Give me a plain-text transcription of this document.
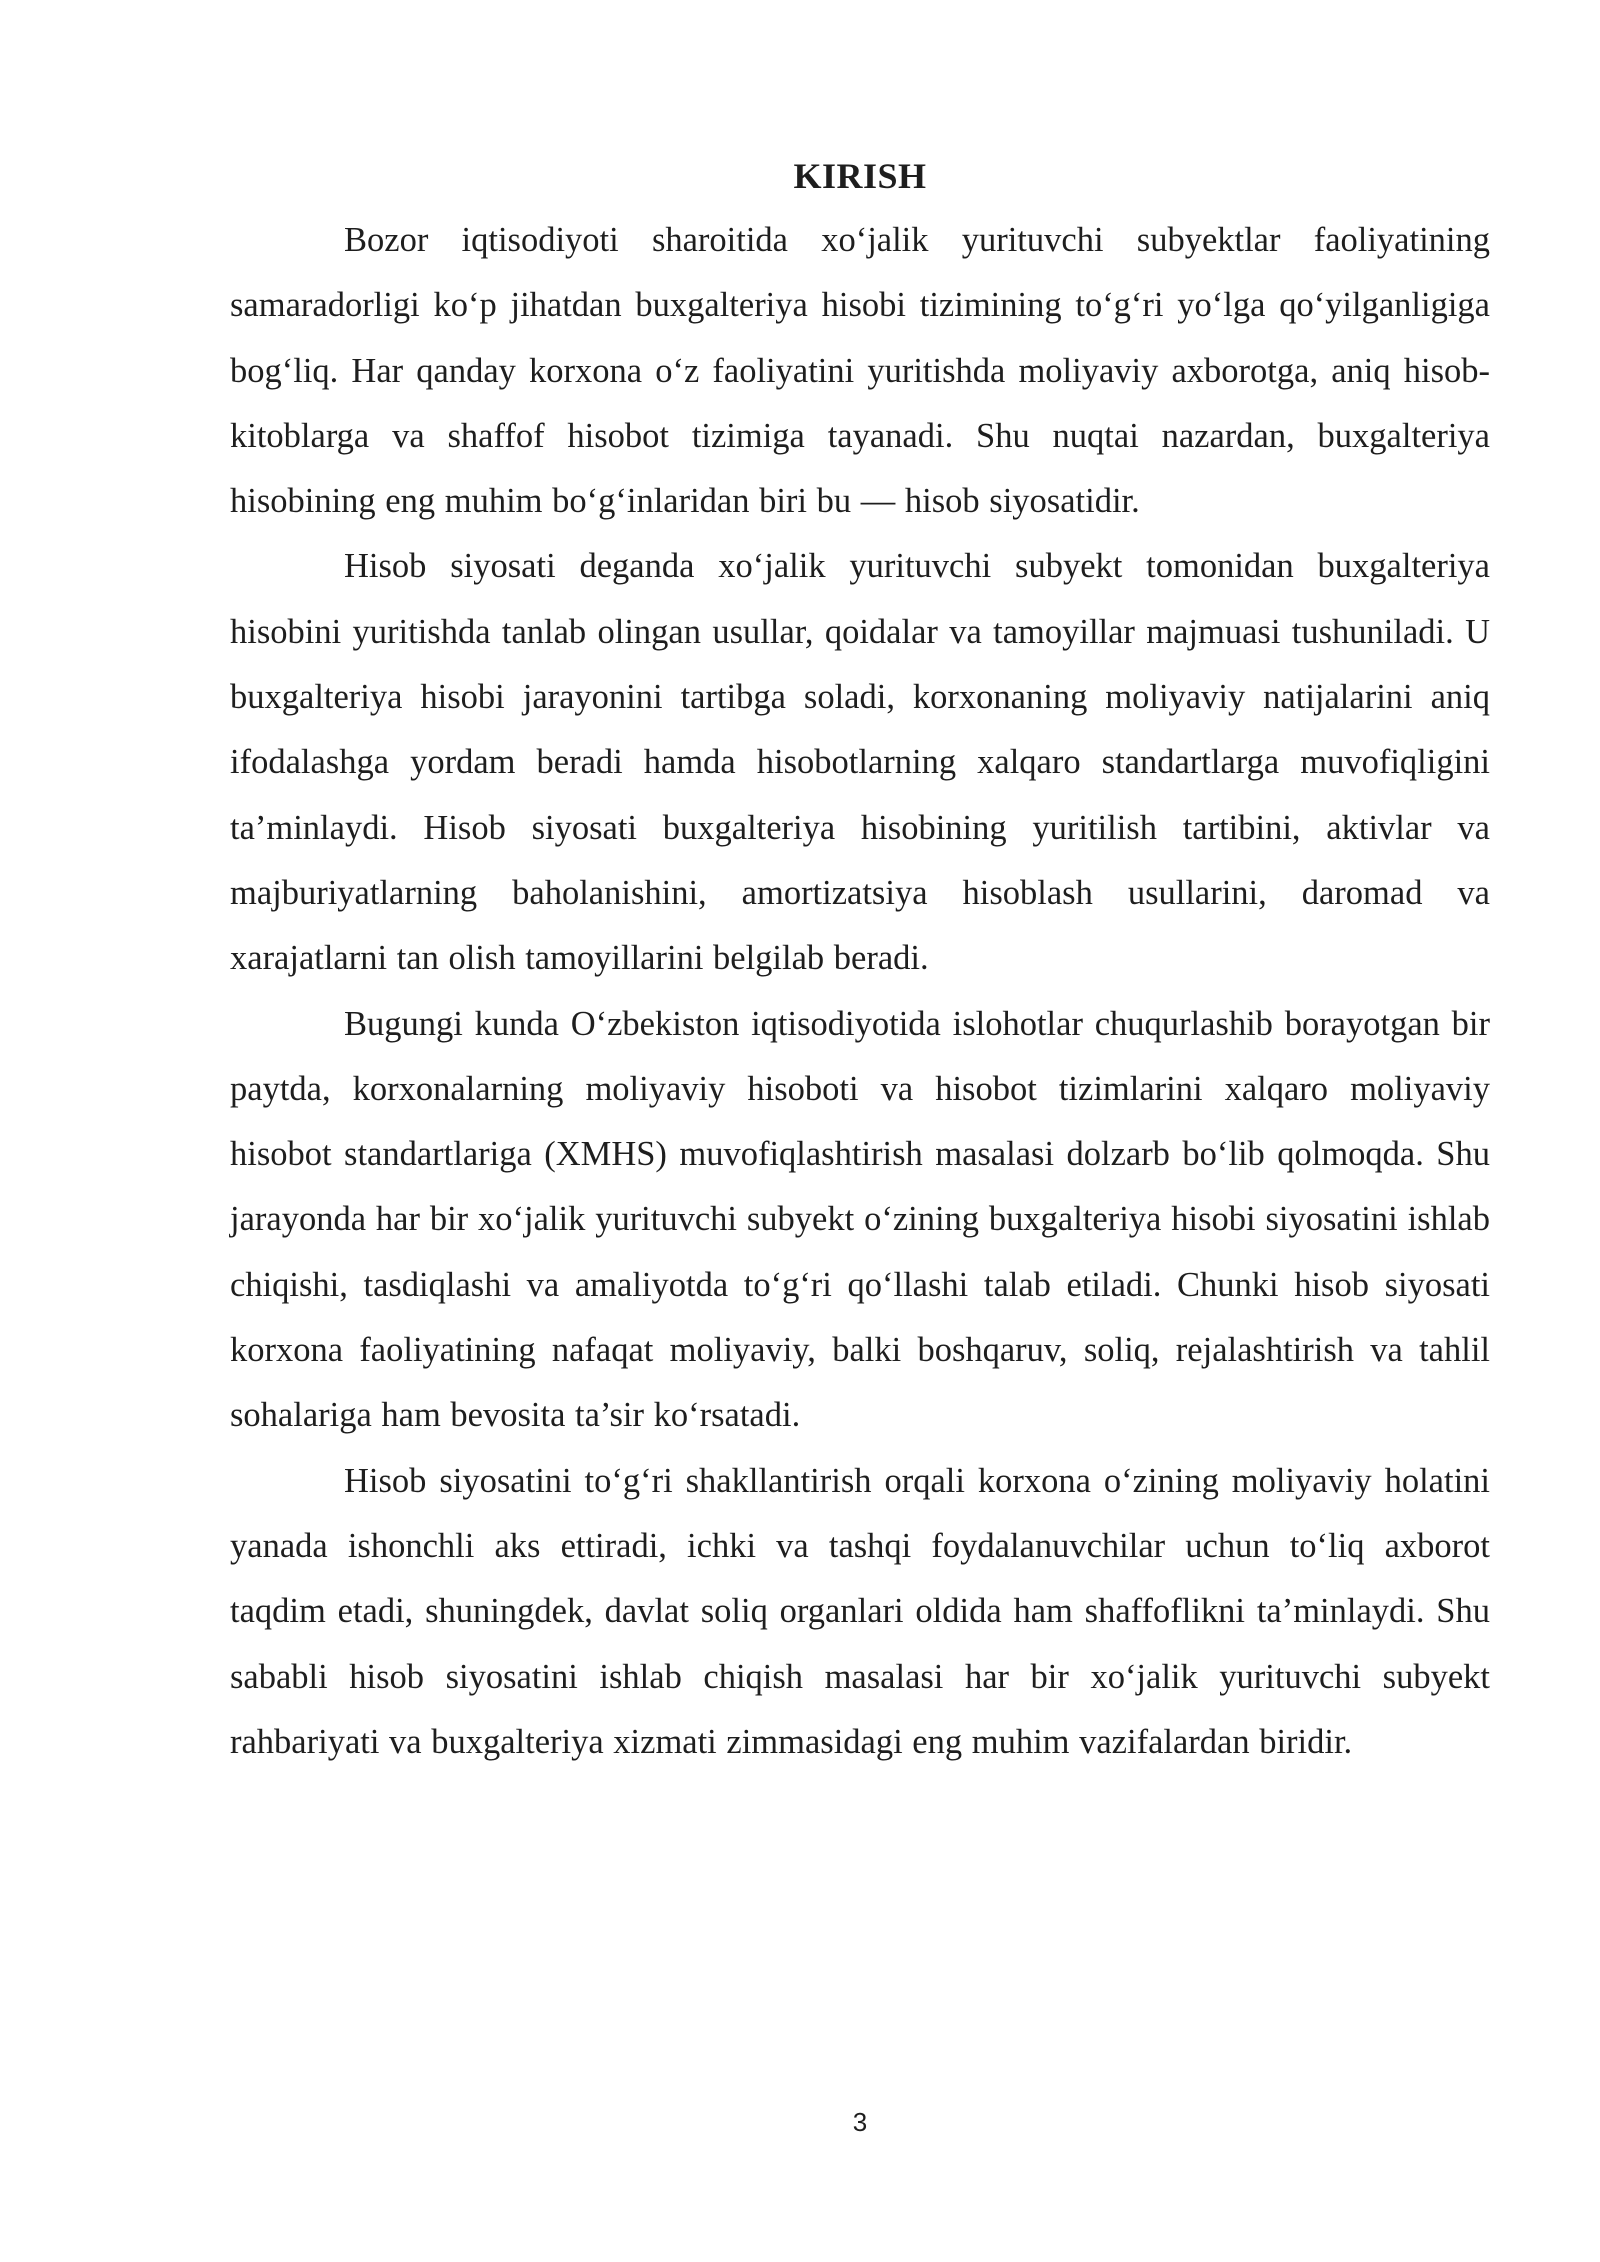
KIRISH

Bozor iqtisodiyoti sharoitida xo‘jalik yurituvchi subyektlar faoliyatining samaradorligi ko‘p jihatdan buxgalteriya hisobi tizimining to‘g‘ri yo‘lga qo‘yilganligiga bog‘liq. Har qanday korxona o‘z faoliyatini yuritishda moliyaviy axborotga, aniq hisob-kitoblarga va shaffof hisobot tizimiga tayanadi. Shu nuqtai nazardan, buxgalteriya hisobining eng muhim bo‘g‘inlaridan biri bu — hisob siyosatidir.

Hisob siyosati deganda xo‘jalik yurituvchi subyekt tomonidan buxgalteriya hisobini yuritishda tanlab olingan usullar, qoidalar va tamoyillar majmuasi tushuniladi. U buxgalteriya hisobi jarayonini tartibga soladi, korxonaning moliyaviy natijalarini aniq ifodalashga yordam beradi hamda hisobotlarning xalqaro standartlarga muvofiqligini ta’minlaydi. Hisob siyosati buxgalteriya hisobining yuritilish tartibini, aktivlar va majburiyatlarning baholanishini, amortizatsiya hisoblash usullarini, daromad va xarajatlarni tan olish tamoyillarini belgilab beradi.

Bugungi kunda O‘zbekiston iqtisodiyotida islohotlar chuqurlashib borayotgan bir paytda, korxonalarning moliyaviy hisoboti va hisobot tizimlarini xalqaro moliyaviy hisobot standartlariga (XMHS) muvofiqlashtirish masalasi dolzarb bo‘lib qolmoqda. Shu jarayonda har bir xo‘jalik yurituvchi subyekt o‘zining buxgalteriya hisobi siyosatini ishlab chiqishi, tasdiqlashi va amaliyotda to‘g‘ri qo‘llashi talab etiladi. Chunki hisob siyosati korxona faoliyatining nafaqat moliyaviy, balki boshqaruv, soliq, rejalashtirish va tahlil sohalariga ham bevosita ta’sir ko‘rsatadi.

Hisob siyosatini to‘g‘ri shakllantirish orqali korxona o‘zining moliyaviy holatini yanada ishonchli aks ettiradi, ichki va tashqi foydalanuvchilar uchun to‘liq axborot taqdim etadi, shuningdek, davlat soliq organlari oldida ham shaffoflikni ta’minlaydi. Shu sababli hisob siyosatini ishlab chiqish masalasi har bir xo‘jalik yurituvchi subyekt rahbariyati va buxgalteriya xizmati zimmasidagi eng muhim vazifalardan biridir.

3
